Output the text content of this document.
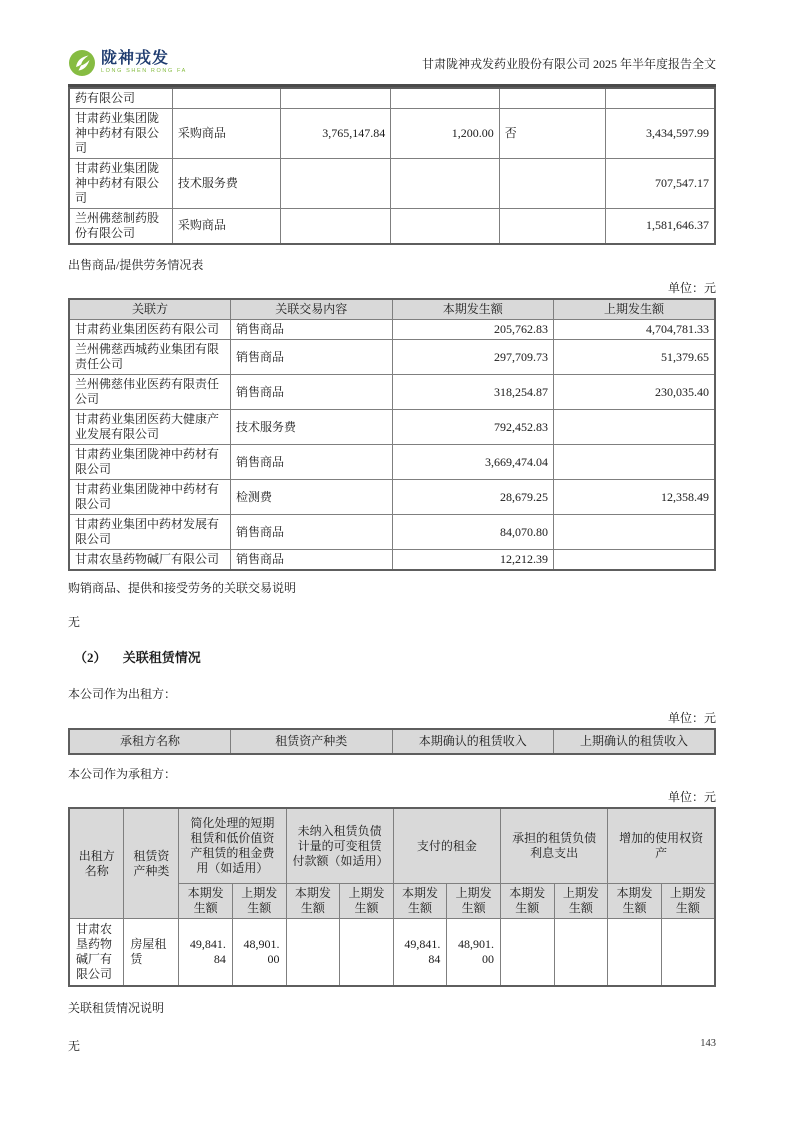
陇神戎发
LONG SHEN RONG FA
甘肃陇神戎发药业股份有限公司 2025 年半年度报告全文
药有限公司					
甘肃药业集团陇神中药材有限公司	采购商品	3,765,147.84	1,200.00	否	3,434,597.99
甘肃药业集团陇神中药材有限公司	技术服务费				707,547.17
兰州佛慈制药股份有限公司	采购商品				1,581,646.37

出售商品/提供劳务情况表

单位：元

关联方	关联交易内容	本期发生额	上期发生额
甘肃药业集团医药有限公司	销售商品	205,762.83	4,704,781.33
兰州佛慈西城药业集团有限责任公司	销售商品	297,709.73	51,379.65
兰州佛慈伟业医药有限责任公司	销售商品	318,254.87	230,035.40
甘肃药业集团医药大健康产业发展有限公司	技术服务费	792,452.83	
甘肃药业集团陇神中药材有限公司	销售商品	3,669,474.04	
甘肃药业集团陇神中药材有限公司	检测费	28,679.25	12,358.49
甘肃药业集团中药材发展有限公司	销售商品	84,070.80	
甘肃农垦药物碱厂有限公司	销售商品	12,212.39	

购销商品、提供和接受劳务的关联交易说明

无

（2） 关联租赁情况

本公司作为出租方：

单位：元

承租方名称	租赁资产种类	本期确认的租赁收入	上期确认的租赁收入

本公司作为承租方：

单位：元

出租方名称	租赁资产种类	简化处理的短期租赁和低价值资产租赁的租金费用（如适用）		未纳入租赁负债计量的可变租赁付款额（如适用）		支付的租金		承担的租赁负债利息支出		增加的使用权资产	
		本期发生额	上期发生额	本期发生额	上期发生额	本期发生额	上期发生额	本期发生额	上期发生额	本期发生额	上期发生额
甘肃农垦药物碱厂有限公司	房屋租赁	49,841.84	48,901.00			49,841.84	48,901.00				

关联租赁情况说明

无	143
